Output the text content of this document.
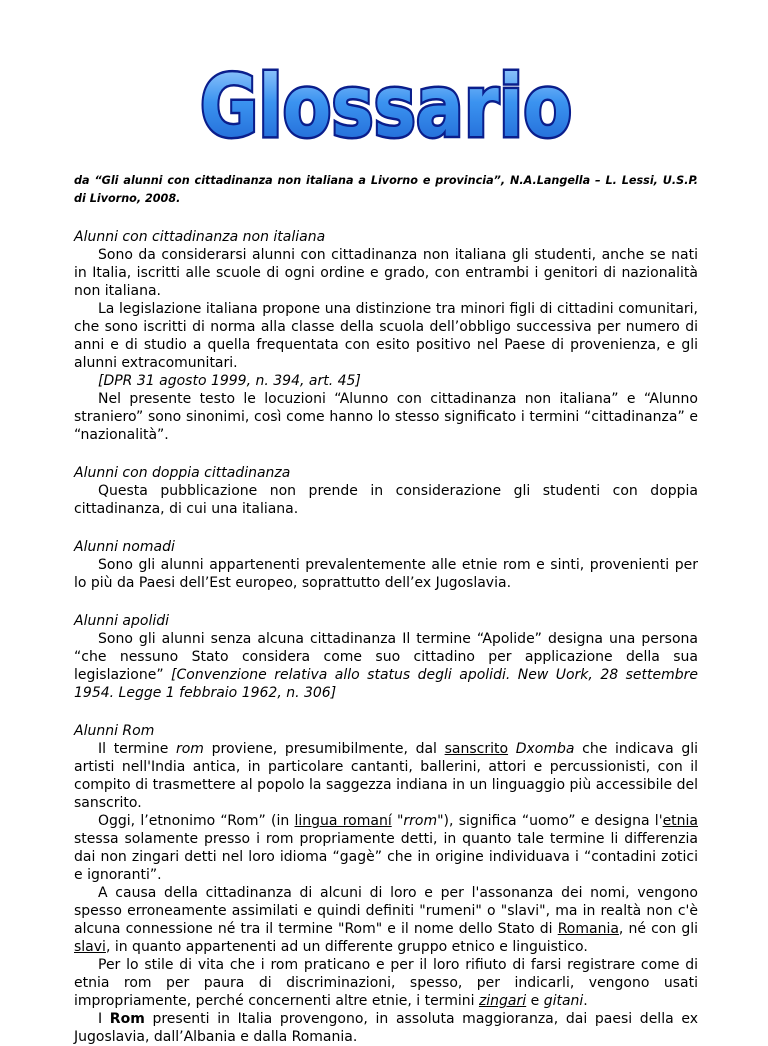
Glossario

da “Gli alunni con cittadinanza non italiana a Livorno e provincia”, N.A.Langella – L. Lessi, U.S.P. di Livorno, 2008.

Alunni con cittadinanza non italiana

Sono da considerarsi alunni con cittadinanza non italiana gli studenti, anche se nati in Italia, iscritti alle scuole di ogni ordine e grado, con entrambi i genitori di nazionalità non italiana.

La legislazione italiana propone una distinzione tra minori figli di cittadini comunitari, che sono iscritti di norma alla classe della scuola dell’obbligo successiva per numero di anni e di studio a quella frequentata con esito positivo nel Paese di provenienza, e gli alunni extracomunitari.

[DPR 31 agosto 1999, n. 394, art. 45]

Nel presente testo le locuzioni “Alunno con cittadinanza non italiana” e “Alunno straniero” sono sinonimi, così come hanno lo stesso significato i termini “cittadinanza” e “nazionalità”.

Alunni con doppia cittadinanza

Questa pubblicazione non prende in considerazione gli studenti con doppia cittadinanza, di cui una italiana.

Alunni nomadi

Sono gli alunni appartenenti prevalentemente alle etnie rom e sinti, provenienti per lo più da Paesi dell’Est europeo, soprattutto dell’ex Jugoslavia.

Alunni apolidi

Sono gli alunni senza alcuna cittadinanza Il termine “Apolide” designa una persona “che nessuno Stato considera come suo cittadino per applicazione della sua legislazione” [Convenzione relativa allo status degli apolidi. New Uork, 28 settembre 1954. Legge 1 febbraio 1962, n. 306]

Alunni Rom

Il termine rom proviene, presumibilmente, dal sanscrito Dxomba che indicava gli artisti nell'India antica, in particolare cantanti, ballerini, attori e percussionisti, con il compito di trasmettere al popolo la saggezza indiana in un linguaggio più accessibile del sanscrito.

Oggi, l’etnonimo “Rom” (in lingua romaní "rrom"), significa “uomo” e designa l'etnia stessa solamente presso i rom propriamente detti, in quanto tale termine li differenzia dai non zingari detti nel loro idioma “gagè” che in origine individuava i “contadini zotici e ignoranti”.

A causa della cittadinanza di alcuni di loro e per l'assonanza dei nomi, vengono spesso erroneamente assimilati e quindi definiti "rumeni" o "slavi", ma in realtà non c'è alcuna connessione né tra il termine "Rom" e il nome dello Stato di Romania, né con gli slavi, in quanto appartenenti ad un differente gruppo etnico e linguistico.

Per lo stile di vita che i rom praticano e per il loro rifiuto di farsi registrare come di etnia rom per paura di discriminazioni, spesso, per indicarli, vengono usati impropriamente, perché concernenti altre etnie, i termini zingari e gitani.

I Rom presenti in Italia provengono, in assoluta maggioranza, dai paesi della ex Jugoslavia, dall’Albania e dalla Romania.
